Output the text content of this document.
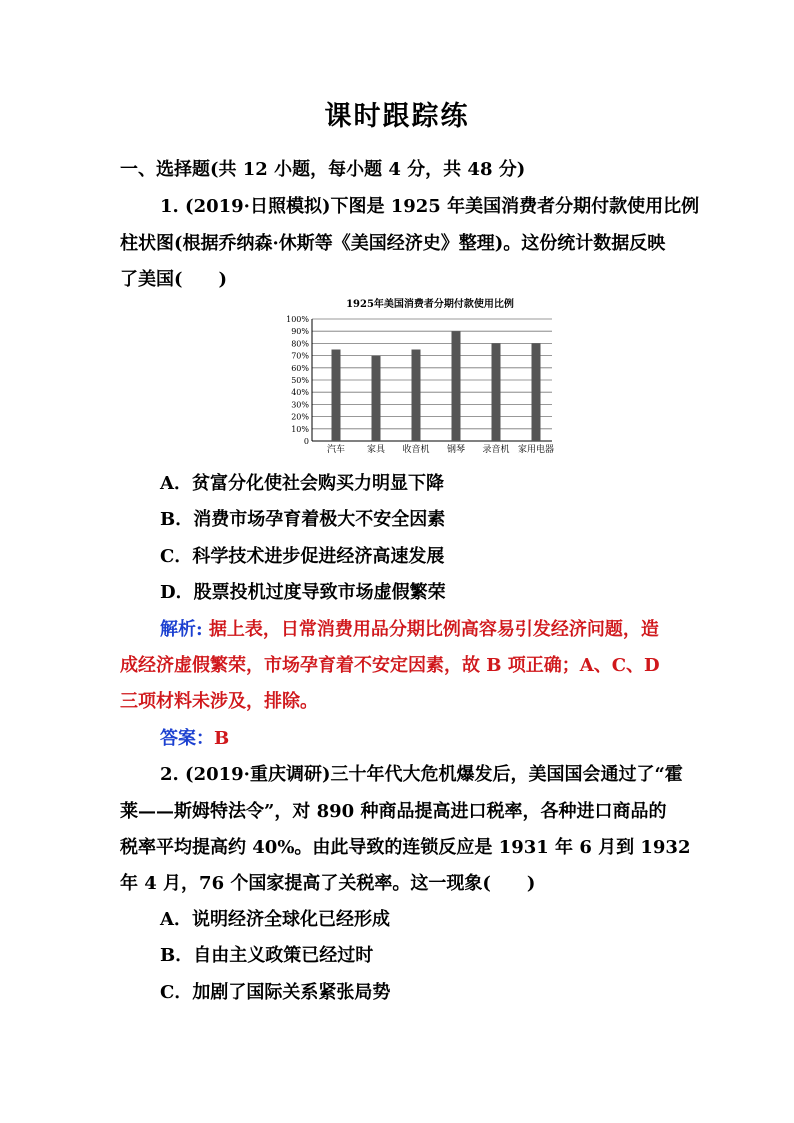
课时跟踪练
一、选择题(共 12 小题，每小题 4 分，共 48 分)
1. (2019·日照模拟)下图是 1925 年美国消费者分期付款使用比例
柱状图(根据乔纳森·休斯等《美国经济史》整理)。这份统计数据反映
了美国(　　)
1925年美国消费者分期付款使用比例
0
10%
20%
30%
40%
50%
60%
70%
80%
90%
100%
汽车 家具 收音机 钢琴 录音机 家用电器
A．贫富分化使社会购买力明显下降
B．消费市场孕育着极大不安全因素
C．科学技术进步促进经济高速发展
D．股票投机过度导致市场虚假繁荣
解析: 据上表，日常消费用品分期比例高容易引发经济问题，造
成经济虚假繁荣，市场孕育着不安定因素，故 B 项正确；A、C、D
三项材料未涉及，排除。
答案：B
2. (2019·重庆调研)三十年代大危机爆发后，美国国会通过了“霍
莱——斯姆特法令”，对 890 种商品提高进口税率，各种进口商品的
税率平均提高约 40%。由此导致的连锁反应是 1931 年 6 月到 1932
年 4 月，76 个国家提高了关税率。这一现象(　　)
A．说明经济全球化已经形成
B．自由主义政策已经过时
C．加剧了国际关系紧张局势
